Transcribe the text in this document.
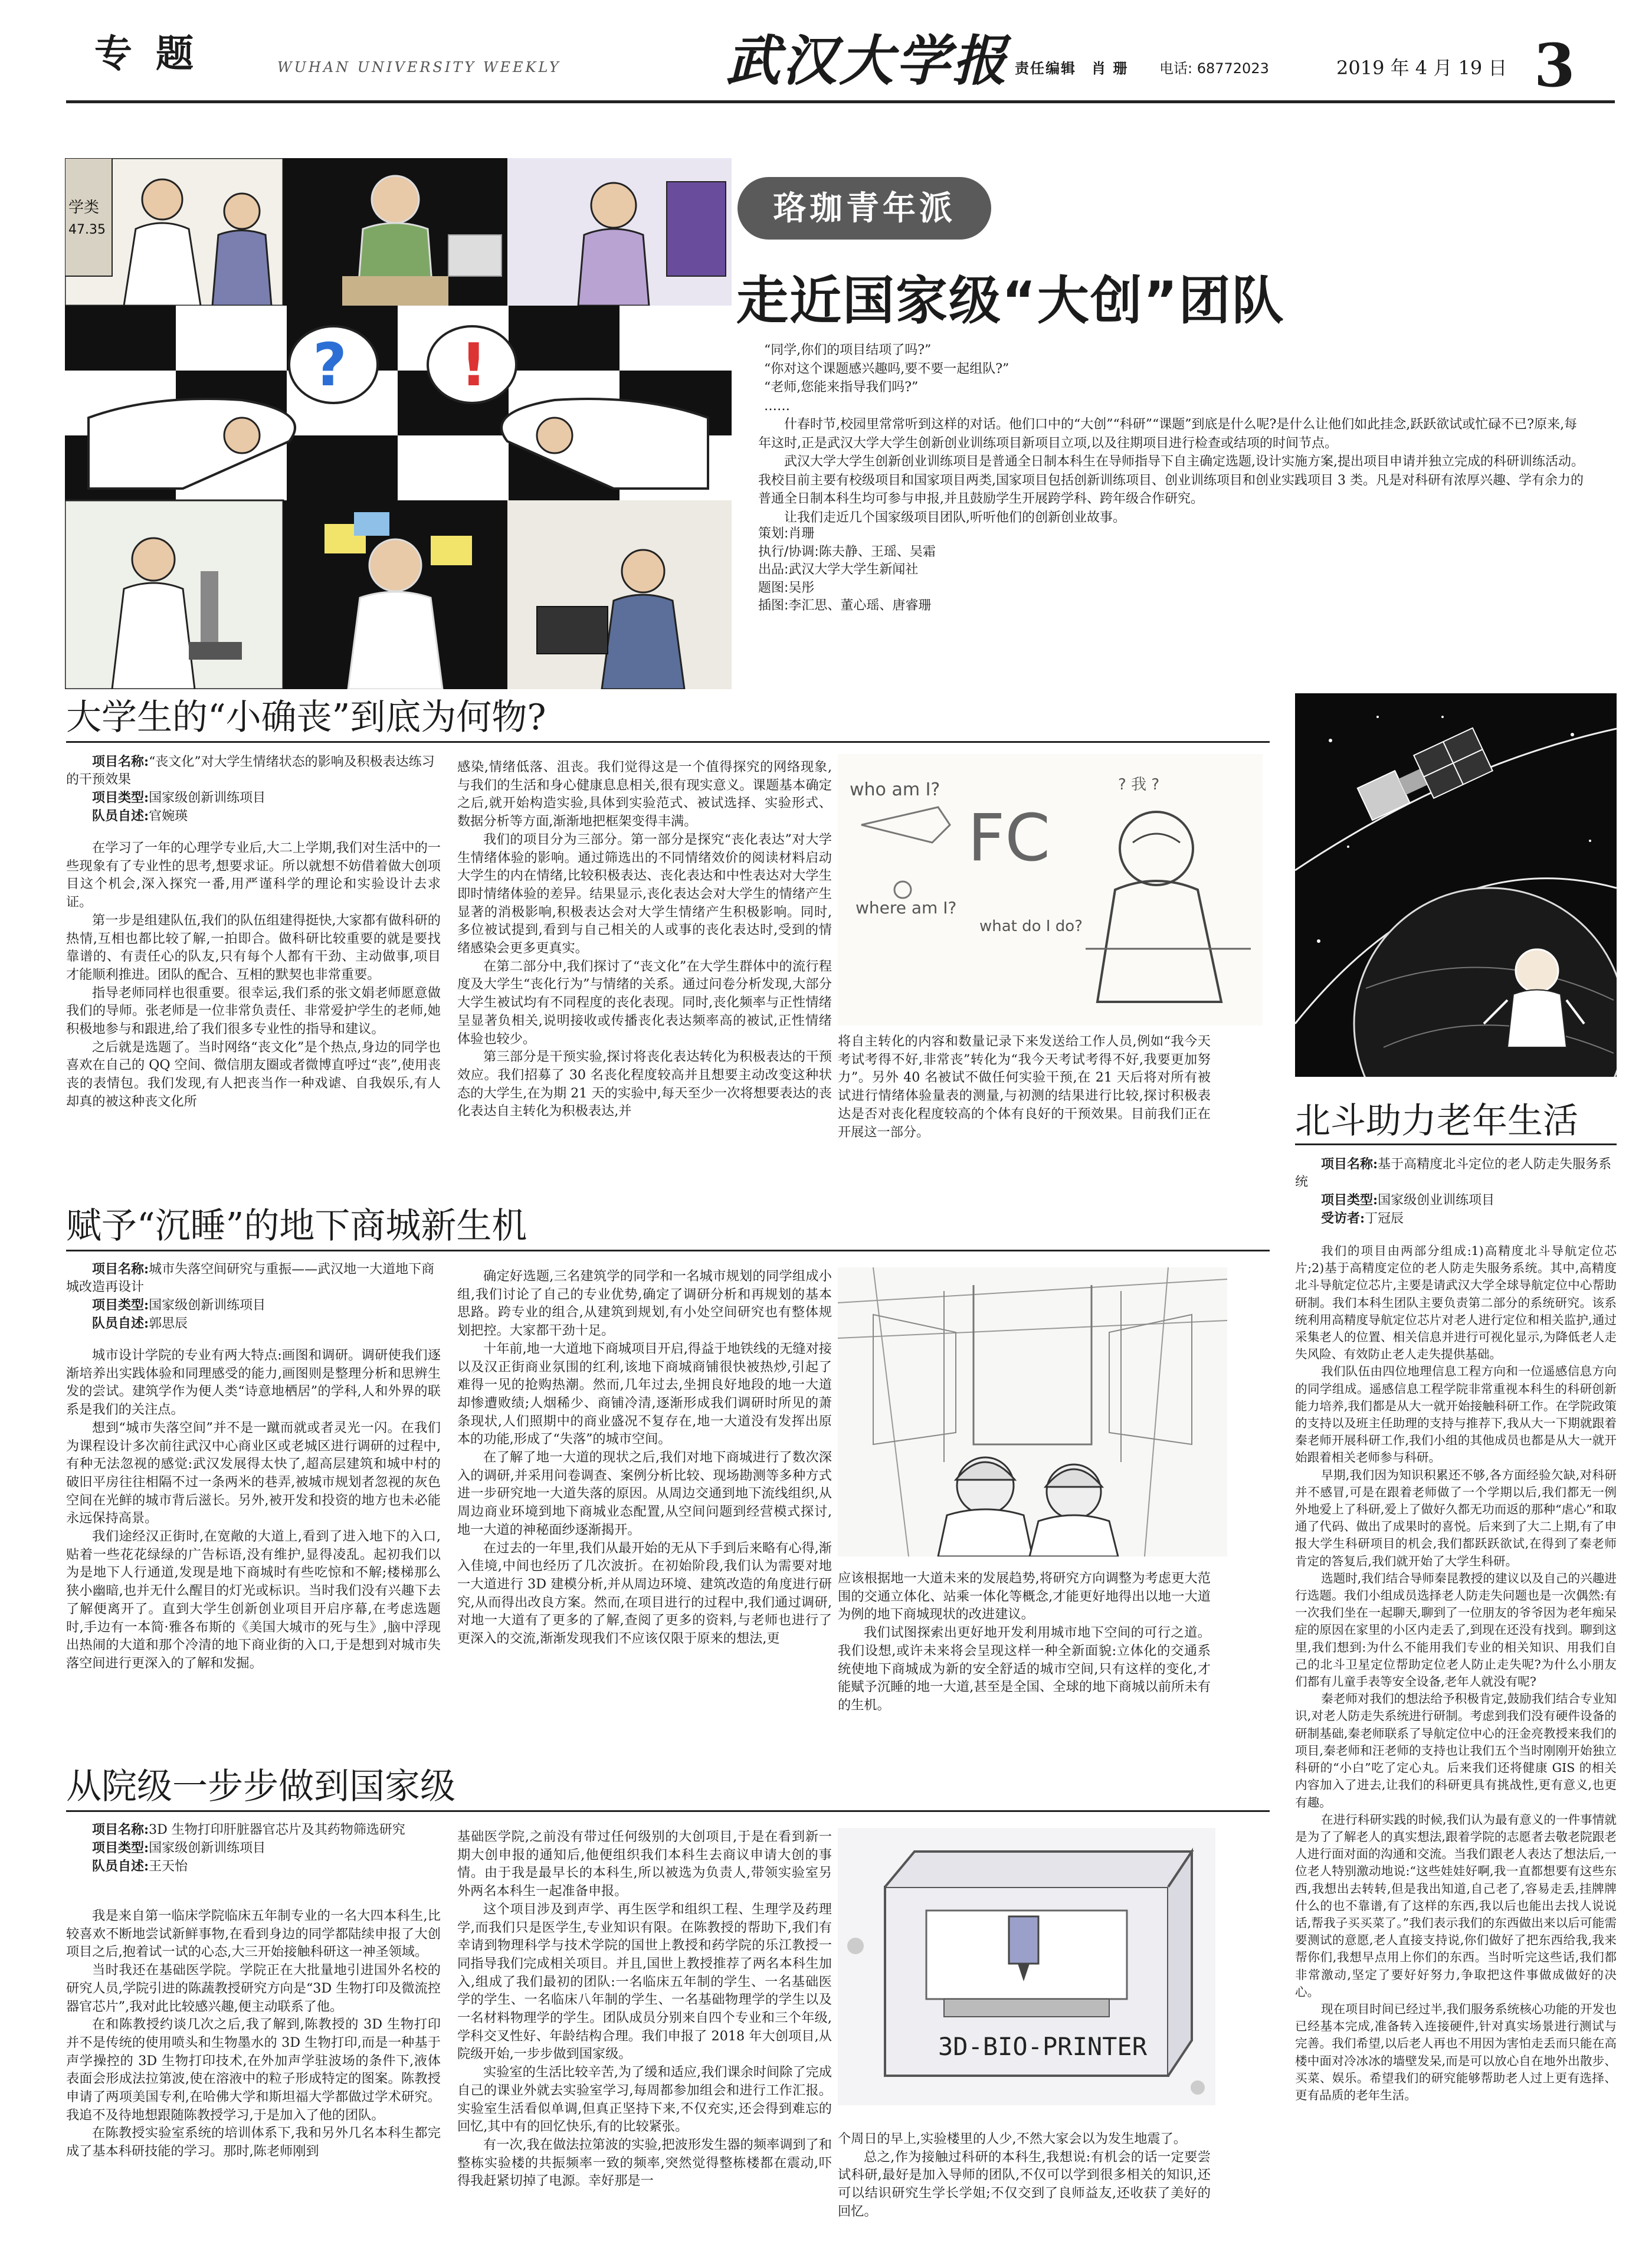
专题	WUHAN UNIVERSITY WEEKLY	武汉大学报 责任编辑　肖 珊 电话: 68772023	2019 年 4 月 19 日 3
学类
47.35
? !
珞珈青年派
走近国家级“大创”团队

“同学,你们的项目结项了吗?”

“你对这个课题感兴趣吗,要不要一起组队?”

“老师,您能来指导我们吗?”

……

什春时节,校园里常常听到这样的对话。他们口中的“大创”“科研”“课题”到底是什么呢?是什么让他们如此挂念,跃跃欲试或忙碌不已?原来,每年这时,正是武汉大学大学生创新创业训练项目新项目立项,以及往期项目进行检查或结项的时间节点。

武汉大学大学生创新创业训练项目是普通全日制本科生在导师指导下自主确定选题,设计实施方案,提出项目申请并独立完成的科研训练活动。我校目前主要有校级项目和国家项目两类,国家项目包括创新训练项目、创业训练项目和创业实践项目 3 类。凡是对科研有浓厚兴趣、学有余力的普通全日制本科生均可参与申报,并且鼓励学生开展跨学科、跨年级合作研究。

让我们走近几个国家级项目团队,听听他们的创新创业故事。

策划:肖珊
执行/协调:陈夫静、王瑶、吴霜
出品:武汉大学大学生新闻社
题图:吴彤
插图:李汇思、董心瑶、唐睿珊
大学生的“小确丧”到底为何物?
项目名称:“丧文化”对大学生情绪状态的影响及积极表达练习的干预效果
项目类型:国家级创新训练项目
队员自述:官婉瑛

在学习了一年的心理学专业后,大二上学期,我们对生活中的一些现象有了专业性的思考,想要求证。所以就想不妨借着做大创项目这个机会,深入探究一番,用严谨科学的理论和实验设计去求证。

第一步是组建队伍,我们的队伍组建得挺快,大家都有做科研的热情,互相也都比较了解,一拍即合。做科研比较重要的就是要找靠谱的、有责任心的队友,只有每个人都有干劲、主动做事,项目才能顺利推进。团队的配合、互相的默契也非常重要。

指导老师同样也很重要。很幸运,我们系的张文娟老师愿意做我们的导师。张老师是一位非常负责任、非常爱护学生的老师,她积极地参与和跟进,给了我们很多专业性的指导和建议。

之后就是选题了。当时网络“丧文化”是个热点,身边的同学也喜欢在自己的 QQ 空间、微信朋友圈或者微博直呼过“丧”,使用丧丧的表情包。我们发现,有人把丧当作一种戏谑、自我娱乐,有人却真的被这种丧文化所

感染,情绪低落、沮丧。我们觉得这是一个值得探究的网络现象,与我们的生活和身心健康息息相关,很有现实意义。课题基本确定之后,就开始构造实验,具体到实验范式、被试选择、实验形式、数据分析等方面,渐渐地把框架变得丰满。

我们的项目分为三部分。第一部分是探究“丧化表达”对大学生情绪体验的影响。通过筛选出的不同情绪效价的阅读材料启动大学生的内在情绪,比较积极表达、丧化表达和中性表达对大学生即时情绪体验的差异。结果显示,丧化表达会对大学生的情绪产生显著的消极影响,积极表达会对大学生情绪产生积极影响。同时,多位被试提到,看到与自己相关的人或事的丧化表达时,受到的情绪感染会更多更真实。

在第二部分中,我们探讨了“丧文化”在大学生群体中的流行程度及大学生“丧化行为”与情绪的关系。通过问卷分析发现,大部分大学生被试均有不同程度的丧化表现。同时,丧化频率与正性情绪呈显著负相关,说明接收或传播丧化表达频率高的被试,正性情绪体验也较少。

第三部分是干预实验,探讨将丧化表达转化为积极表达的干预效应。我们招募了 30 名丧化程度较高并且想要主动改变这种状态的大学生,在为期 21 天的实验中,每天至少一次将想要表达的丧化表达自主转化为积极表达,并

who am I?
FC
where am I?
what do I do?
? 我 ?

将自主转化的内容和数量记录下来发送给工作人员,例如“我今天考试考得不好,非常丧”转化为“我今天考试考得不好,我要更加努力”。另外 40 名被试不做任何实验干预,在 21 天后将对所有被试进行情绪体验量表的测量,与初测的结果进行比较,探讨积极表达是否对丧化程度较高的个体有良好的干预效果。目前我们正在开展这一部分。

赋予“沉睡”的地下商城新生机
项目名称:城市失落空间研究与重振——武汉地一大道地下商城改造再设计
项目类型:国家级创新训练项目
队员自述:郭思辰

城市设计学院的专业有两大特点:画图和调研。调研使我们逐渐培养出实践体验和同理感受的能力,画图则是整理分析和思辨生发的尝试。建筑学作为便人类“诗意地栖居”的学科,人和外界的联系是我们的关注点。

想到“城市失落空间”并不是一蹴而就或者灵光一闪。在我们为课程设计多次前往武汉中心商业区或老城区进行调研的过程中,有种无法忽视的感觉:武汉发展得太快了,超高层建筑和城中村的破旧平房往往相隔不过一条两米的巷弄,被城市规划者忽视的灰色空间在光鲜的城市背后滋长。另外,被开发和投资的地方也未必能永远保持高景。

我们途经汉正街时,在宽敞的大道上,看到了进入地下的入口,贴着一些花花绿绿的广告标语,没有维护,显得凌乱。起初我们以为是地下人行通道,发现是地下商城时有些吃惊和不解;楼梯那么狭小幽暗,也并无什么醒目的灯光或标识。当时我们没有兴趣下去了解便离开了。直到大学生创新创业项目开启序幕,在考虑选题时,手边有一本简·雅各布斯的《美国大城市的死与生》,脑中浮现出热闹的大道和那个冷清的地下商业街的入口,于是想到对城市失落空间进行更深入的了解和发掘。

确定好选题,三名建筑学的同学和一名城市规划的同学组成小组,我们讨论了自己的专业优势,确定了调研分析和再规划的基本思路。跨专业的组合,从建筑到规划,有小处空间研究也有整体规划把控。大家都干劲十足。

十年前,地一大道地下商城项目开启,得益于地铁线的无缝对接以及汉正街商业氛围的红利,该地下商城商铺很快被热炒,引起了难得一见的抢购热潮。然而,几年过去,坐拥良好地段的地一大道却惨遭败绩;人烟稀少、商铺冷清,逐渐形成我们调研时所见的萧条现状,人们照期中的商业盛况不复存在,地一大道没有发挥出原本的功能,形成了“失落”的城市空间。

在了解了地一大道的现状之后,我们对地下商城进行了数次深入的调研,并采用问卷调查、案例分析比较、现场勘测等多种方式进一步研究地一大道失落的原因。从周边交通到地下流线组织,从周边商业环境到地下商城业态配置,从空间问题到经营模式探讨,地一大道的神秘面纱逐渐揭开。

在过去的一年里,我们从最开始的无从下手到后来略有心得,渐入佳境,中间也经历了几次波折。在初始阶段,我们认为需要对地一大道进行 3D 建模分析,并从周边环境、建筑改造的角度进行研究,从而得出改良方案。然而,在项目进行的过程中,我们通过调研,对地一大道有了更多的了解,查阅了更多的资料,与老师也进行了更深入的交流,渐渐发现我们不应该仅限于原来的想法,更

应该根据地一大道未来的发展趋势,将研究方向调整为考虑更大范围的交通立体化、站乘一体化等概念,才能更好地得出以地一大道为例的地下商城现状的改进建议。

我们试图探索出更好地开发利用城市地下空间的可行之道。我们设想,或许未来将会呈现这样一种全新面貌:立体化的交通系统使地下商城成为新的安全舒适的城市空间,只有这样的变化,才能赋予沉睡的地一大道,甚至是全国、全球的地下商城以前所未有的生机。

从院级一步步做到国家级
项目名称:3D 生物打印肝脏器官芯片及其药物筛选研究
项目类型:国家级创新训练项目
队员自述:王天怡

我是来自第一临床学院临床五年制专业的一名大四本科生,比较喜欢不断地尝试新鲜事物,在看到身边的同学都陆续申报了大创项目之后,抱着试一试的心态,大三开始接触科研这一神圣领域。

当时我还在基础医学院。学院正在大批量地引进国外名校的研究人员,学院引进的陈蔬教授研究方向是“3D 生物打印及微流控器官芯片”,我对此比较感兴趣,便主动联系了他。

在和陈教授约谈几次之后,我了解到,陈教授的 3D 生物打印并不是传统的使用喷头和生物墨水的 3D 生物打印,而是一种基于声学操控的 3D 生物打印技术,在外加声学驻波场的条件下,液体表面会形成法拉第波,使在溶液中的粒子形成特定的图案。陈教授申请了两项美国专利,在哈佛大学和斯坦福大学都做过学术研究。我追不及待地想跟随陈教授学习,于是加入了他的团队。

在陈教授实验室系统的培训体系下,我和另外几名本科生都完成了基本科研技能的学习。那时,陈老师刚到

基础医学院,之前没有带过任何级别的大创项目,于是在看到新一期大创申报的通知后,他便组织我们本科生去商议申请大创的事情。由于我是最早长的本科生,所以被选为负责人,带领实验室另外两名本科生一起准备申报。

这个项目涉及到声学、再生医学和组织工程、生理学及药理学,而我们只是医学生,专业知识有限。在陈教授的帮助下,我们有幸请到物理科学与技术学院的国世上教授和药学院的乐江教授一同指导我们完成相关项目。并且,国世上教授推荐了两名本科生加入,组成了我们最初的团队:一名临床五年制的学生、一名基础医学的学生、一名临床八年制的学生、一名基础物理学的学生以及一名材料物理学的学生。团队成员分别来自四个专业和三个年级,学科交叉性好、年龄结构合理。我们申报了 2018 年大创项目,从院级开始,一步步做到国家级。

实验室的生活比较辛苦,为了缓和适应,我们课余时间除了完成自己的课业外就去实验室学习,每周都参加组会和进行工作汇报。实验室生活看似单调,但真正坚持下来,不仅充实,还会得到难忘的回忆,其中有的回忆快乐,有的比较紧张。

有一次,我在做法拉第波的实验,把波形发生器的频率调到了和整栋实验楼的共振频率一致的频率,突然觉得整栋楼都在震动,吓得我赶紧切掉了电源。幸好那是一

3D-BIO-PRINTER

个周日的早上,实验楼里的人少,不然大家会以为发生地震了。

总之,作为接触过科研的本科生,我想说:有机会的话一定要尝试科研,最好是加入导师的团队,不仅可以学到很多相关的知识,还可以结识研究生学长学姐;不仅交到了良师益友,还收获了美好的回忆。

北斗助力老年生活
项目名称:基于高精度北斗定位的老人防走失服务系统
项目类型:国家级创业训练项目
受访者:丁冠辰

我们的项目由两部分组成:1)高精度北斗导航定位芯片;2)基于高精度定位的老人防走失服务系统。其中,高精度北斗导航定位芯片,主要是请武汉大学全球导航定位中心帮助研制。我们本科生团队主要负责第二部分的系统研究。该系统利用高精度导航定位芯片对老人进行定位和相关监护,通过采集老人的位置、相关信息并进行可视化显示,为降低老人走失风险、有效防止老人走失提供基础。

我们队伍由四位地理信息工程方向和一位遥感信息方向的同学组成。遥感信息工程学院非常重视本科生的科研创新能力培养,我们都是从大一就开始接触科研工作。在学院政策的支持以及班主任助理的支持与推荐下,我从大一下期就跟着秦老师开展科研工作,我们小组的其他成员也都是从大一就开始跟着相关老师参与科研。

早期,我们因为知识积累还不够,各方面经验欠缺,对科研并不感冒,可是在跟着老师做了一个学期以后,我们都无一例外地爱上了科研,爱上了做好久都无功而返的那种“虐心”和取通了代码、做出了成果时的喜悦。后来到了大二上期,有了申报大学生科研项目的机会,我们都跃跃欲试,在得到了秦老师肯定的答复后,我们就开始了大学生科研。

选题时,我们结合导师秦昆教授的建议以及自己的兴趣进行选题。我们小组成员选择老人防走失问题也是一次偶然:有一次我们坐在一起聊天,聊到了一位朋友的爷爷因为老年痴呆症的原因在家里的小区内走丢了,到现在还没有找到。聊到这里,我们想到:为什么不能用我们专业的相关知识、用我们自己的北斗卫星定位帮助定位老人防止走失呢?为什么小朋友们都有儿童手表等安全设备,老年人就没有呢?

秦老师对我们的想法给予积极肯定,鼓励我们结合专业知识,对老人防走失系统进行研制。考虑到我们没有硬件设备的研制基础,秦老师联系了导航定位中心的汪金亮教授来我们的项目,秦老师和汪老师的支持也让我们五个当时刚刚开始独立科研的“小白”吃了定心丸。后来我们还将健康 GIS 的相关内容加入了进去,让我们的科研更具有挑战性,更有意义,也更有趣。

在进行科研实践的时候,我们认为最有意义的一件事情就是为了了解老人的真实想法,跟着学院的志愿者去敬老院跟老人进行面对面的沟通和交流。当我们跟老人表达了想法后,一位老人特别激动地说:“这些娃娃好啊,我一直都想要有这些东西,我想出去转转,但是我出知道,自己老了,容易走丢,挂牌牌什么的也不靠谱,有了这样的东西,我以后也能出去找人说说话,帮我子买买菜了。”我们表示我们的东西做出来以后可能需要测试的意愿,老人直接支持说,你们做好了把东西给我,我来帮你们,我想早点用上你们的东西。当时听完这些话,我们都非常激动,坚定了要好好努力,争取把这件事做成做好的决心。

现在项目时间已经过半,我们服务系统核心功能的开发也已经基本完成,准备转入连接硬件,针对真实场景进行测试与完善。我们希望,以后老人再也不用因为害怕走丢而只能在高楼中面对冷冰冰的墙壁发呆,而是可以放心自在地外出散步、买菜、娱乐。希望我们的研究能够帮助老人过上更有选择、更有品质的老年生活。
